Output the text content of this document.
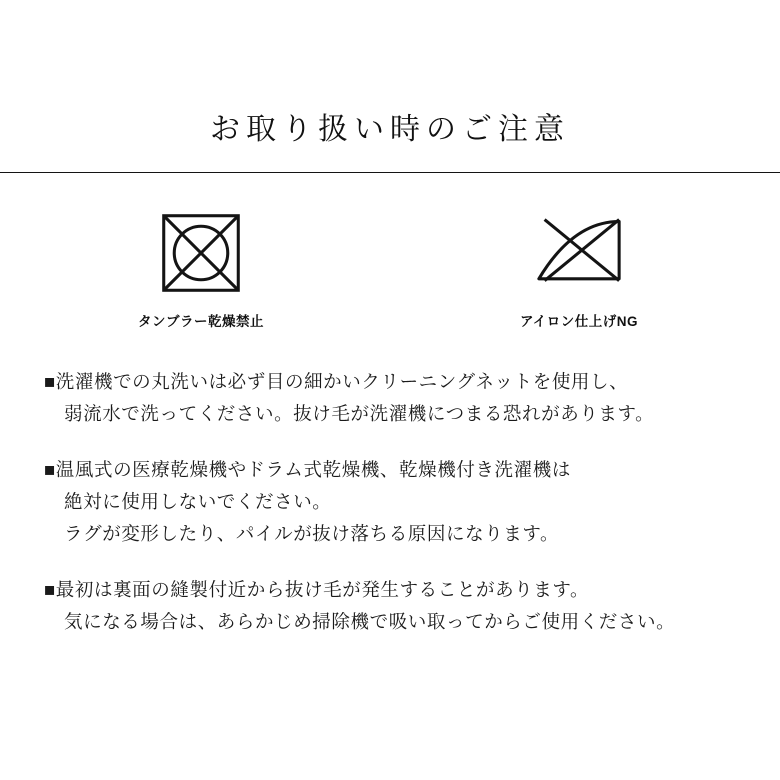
お取り扱い時のご注意
タンブラー乾燥禁止	アイロン仕上げNG
■洗濯機での丸洗いは必ず目の細かいクリーニングネットを使用し、
弱流水で洗ってください。抜け毛が洗濯機につまる恐れがあります。
■温風式の医療乾燥機やドラム式乾燥機、乾燥機付き洗濯機は
絶対に使用しないでください。
ラグが変形したり、パイルが抜け落ちる原因になります。
■最初は裏面の縫製付近から抜け毛が発生することがあります。
気になる場合は、あらかじめ掃除機で吸い取ってからご使用ください。
